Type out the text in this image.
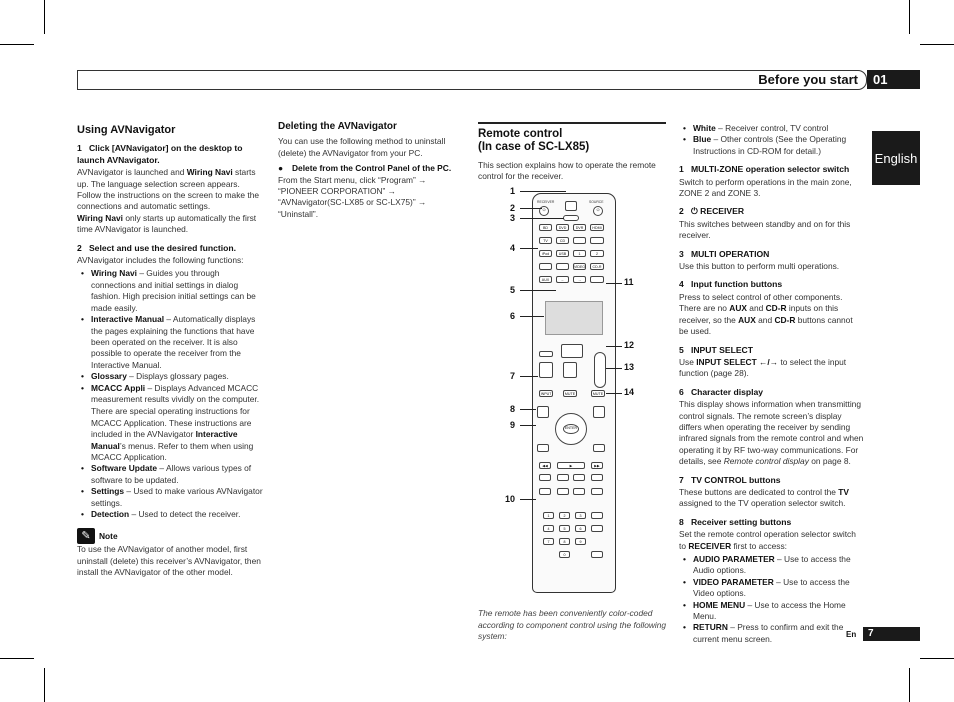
Before you start	01
English
Using AVNavigator
1   Click [AVNavigator] on the desktop to launch AVNavigator.

AVNavigator is launched and Wiring Navi starts up. The language selection screen appears. Follow the instructions on the screen to make the connections and automatic settings.

Wiring Navi only starts up automatically the first time AVNavigator is launched.

2   Select and use the desired function.

AVNavigator includes the following functions:

• Wiring Navi – Guides you through connections and initial settings in dialog fashion. High precision initial settings can be made easily.
• Interactive Manual – Automatically displays the pages explaining the functions that have been operated on the receiver. It is also possible to operate the receiver from the Interactive Manual.
• Glossary – Displays glossary pages.
• MCACC Appli – Displays Advanced MCACC measurement results vividly on the computer.

There are special operating instructions for MCACC Application. These instructions are included in the AVNavigator Interactive Manual’s menus. Refer to them when using MCACC Application.

• Software Update – Allows various types of software to be updated.
• Settings – Used to make various AVNavigator settings.
• Detection – Used to detect the receiver.
✎ Note

To use the AVNavigator of another model, first uninstall (delete) this receiver’s AVNavigator, then install the AVNavigator of the other model.

Deleting the AVNavigator

You can use the following method to uninstall (delete) the AVNavigator from your PC.

● Delete from the Control Panel of the PC.

From the Start menu, click “Program” → “PIONEER CORPORATION” → “AVNavigator(SC-LX85 or SC-LX75)” → “Uninstall”.

Remote control

(In case of SC-LX85)

This section explains how to operate the remote control for the receiver.

RECEIVER	SOURCE
⏻	⏻
BD	DVD	DVR	HDMI
TV	CD
iPod	USB	1	2
VIDEO	CD-R
AUX	←	→
INPUT	MUTE	MUTE
ENTER
◀◀	▶	▶▶
1	2	3
4	5	6
7	8	9
0
1
2
3
4
5
6
7
8
9
10
11
12
13
14

The remote has been conveniently color-coded according to component control using the following system:

• White – Receiver control, TV control
• Blue – Other controls (See the Operating Instructions in CD-ROM for detail.)
1   MULTI-ZONE operation selector switch

Switch to perform operations in the main zone, ZONE 2 and ZONE 3.

2   ⏻ RECEIVER

This switches between standby and on for this receiver.

3   MULTI OPERATION

Use this button to perform multi operations.

4   Input function buttons

Press to select control of other components. There are no AUX and CD-R inputs on this receiver, so the AUX and CD-R buttons cannot be used.

5   INPUT SELECT

Use INPUT SELECT ←/→ to select the input function (page 28).

6   Character display

This display shows information when transmitting control signals. The remote screen’s display differs when operating the receiver by sending infrared signals from the remote control and when operating it by RF two-way communications. For details, see Remote control display on page 8.

7   TV CONTROL buttons

These buttons are dedicated to control the TV assigned to the TV operation selector switch.

8   Receiver setting buttons

Set the remote control operation selector switch to RECEIVER first to access:

• AUDIO PARAMETER – Use to access the Audio options.
• VIDEO PARAMETER – Use to access the Video options.
• HOME MENU – Use to access the Home Menu.
• RETURN – Press to confirm and exit the current menu screen.	En	7
